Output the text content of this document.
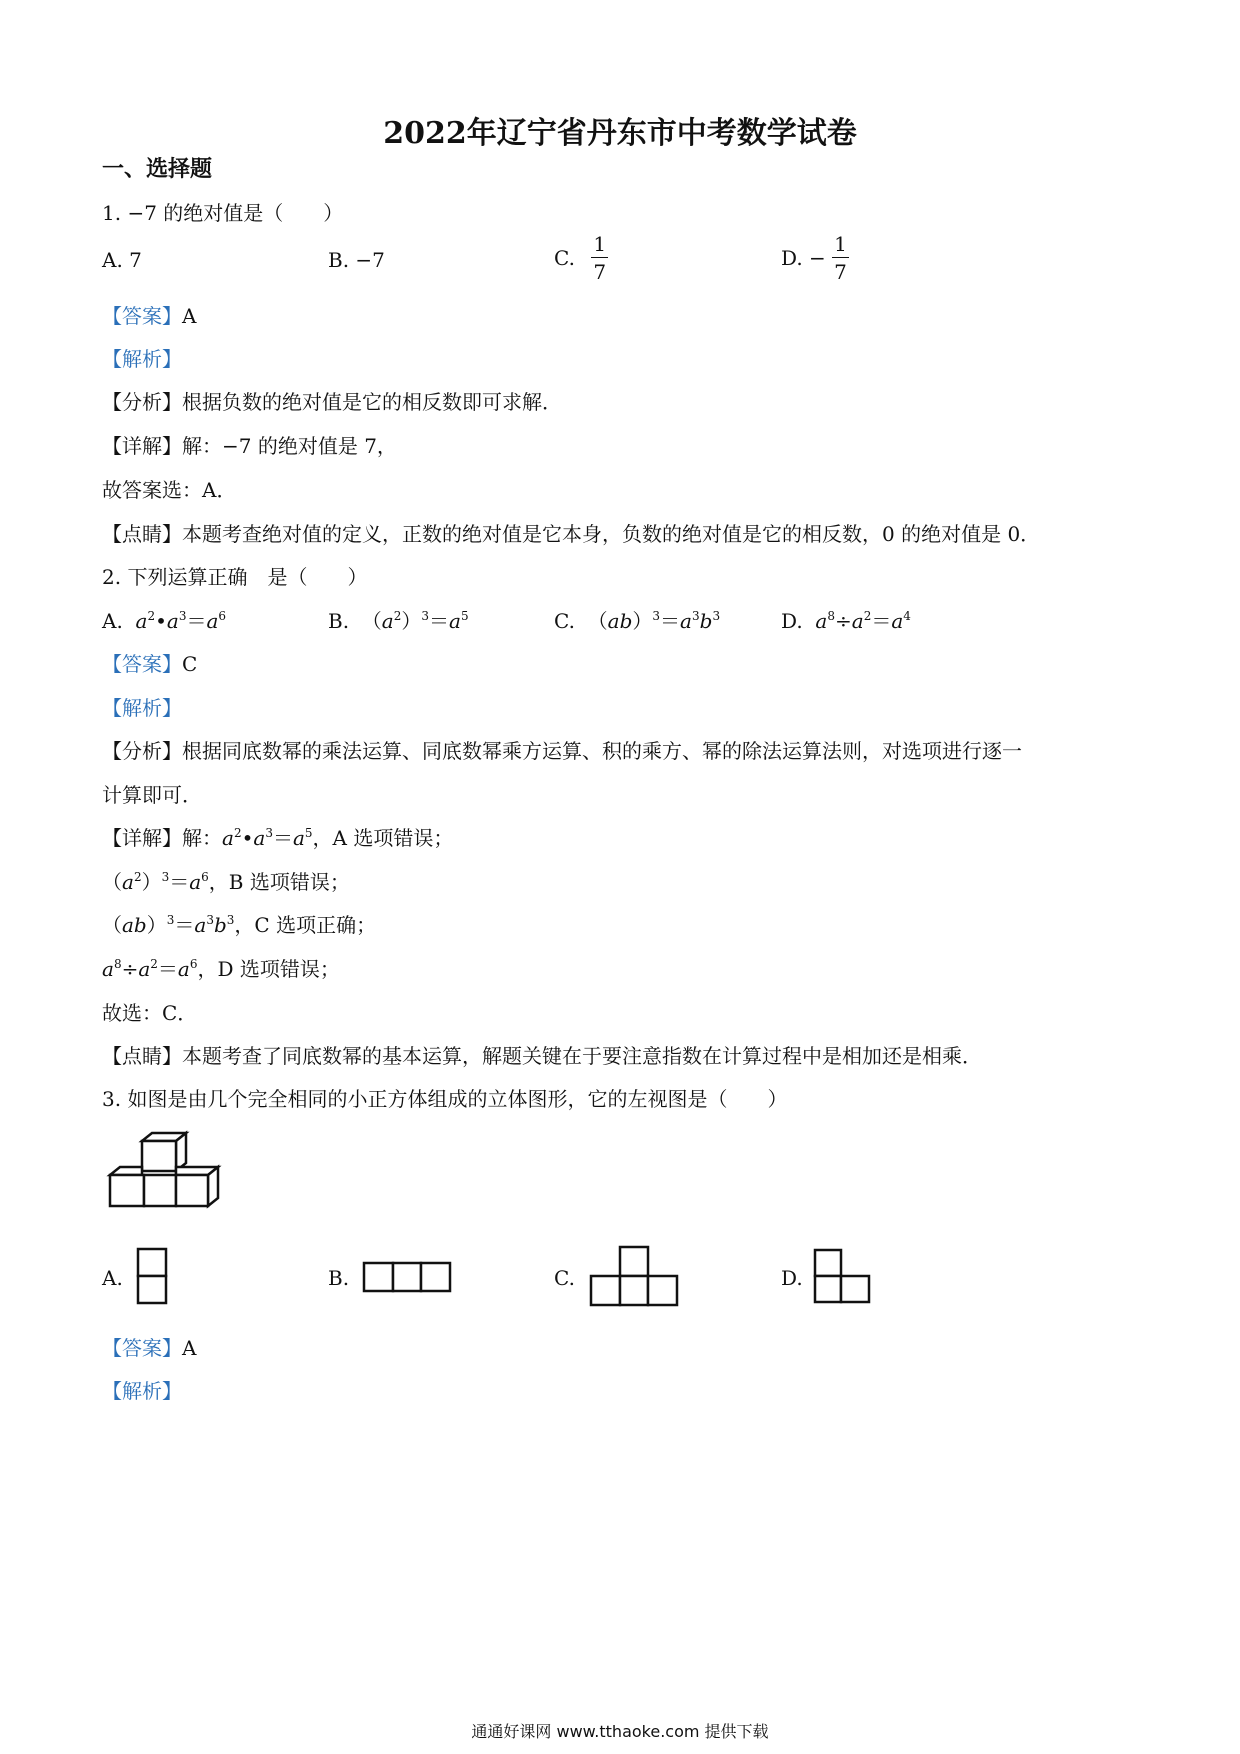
2022年辽宁省丹东市中考数学试卷
一、选择题
1. −7 的绝对值是（　　）
A. 7	B. −7	C. $\frac{1}{7}$	D. − $\frac{1}{7}$
【答案】A
【解析】
【分析】根据负数的绝对值是它的相反数即可求解．
【详解】解：−7 的绝对值是 7，
故答案选：A．
【点睛】本题考查绝对值的定义，正数的绝对值是它本身，负数的绝对值是它的相反数，0 的绝对值是 0．
2. 下列运算正确　是（　　）
A.  $a^2•a^3=a^6$	B.  $(a^2)^3=a^5$	C.  $(ab)^3=a^3b^3$	D.  $a^8\div a^2=a^4$
【答案】C
【解析】
【分析】根据同底数幂的乘法运算、同底数幂乘方运算、积的乘方、幂的除法运算法则，对选项进行逐一
计算即可．
【详解】解：$a^2•a^3=a^5$，A 选项错误；
$(a^2)^3=a^6$，B 选项错误；
$(ab)^3=a^3b^3$，C 选项正确；
$a^8\div a^2=a^6$，D 选项错误；
故选：C．
【点睛】本题考查了同底数幂的基本运算，解题关键在于要注意指数在计算过程中是相加还是相乘．
3. 如图是由几个完全相同的小正方体组成的立体图形，它的左视图是（　　）
A.	B.	C.	D.
【答案】A
【解析】
通通好课网 www.tthaoke.com 提供下载
